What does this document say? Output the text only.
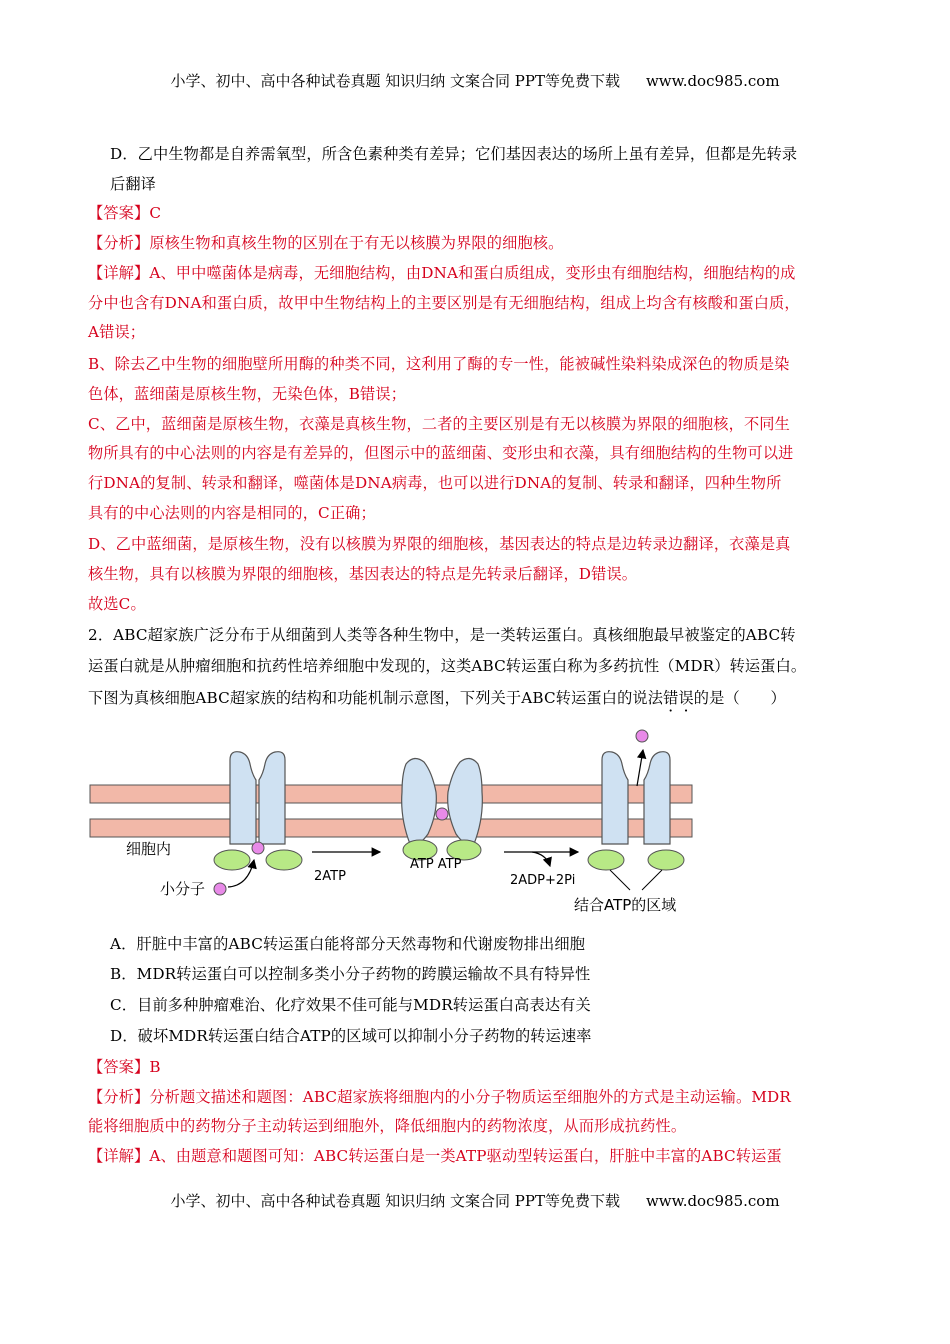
小学、初中、高中各种试卷真题 知识归纳 文案合同 PPT等免费下载 www.doc985.com
D．乙中生物都是自养需氧型，所含色素种类有差异；它们基因表达的场所上虽有差异，但都是先转录
后翻译
【答案】C
【分析】原核生物和真核生物的区别在于有无以核膜为界限的细胞核。
【详解】A、甲中噬菌体是病毒，无细胞结构，由DNA和蛋白质组成，变形虫有细胞结构，细胞结构的成
分中也含有DNA和蛋白质，故甲中生物结构上的主要区别是有无细胞结构，组成上均含有核酸和蛋白质，
A错误；
B、除去乙中生物的细胞壁所用酶的种类不同，这利用了酶的专一性，能被碱性染料染成深色的物质是染
色体，蓝细菌是原核生物，无染色体，B错误；
C、乙中，蓝细菌是原核生物，衣藻是真核生物，二者的主要区别是有无以核膜为界限的细胞核，不同生
物所具有的中心法则的内容是有差异的，但图示中的蓝细菌、变形虫和衣藻，具有细胞结构的生物可以进
行DNA的复制、转录和翻译，噬菌体是DNA病毒，也可以进行DNA的复制、转录和翻译，四种生物所
具有的中心法则的内容是相同的，C正确；
D、乙中蓝细菌，是原核生物，没有以核膜为界限的细胞核，基因表达的特点是边转录边翻译，衣藻是真
核生物，具有以核膜为界限的细胞核，基因表达的特点是先转录后翻译，D错误。
故选C。
2．ABC超家族广泛分布于从细菌到人类等各种生物中，是一类转运蛋白。真核细胞最早被鉴定的ABC转
运蛋白就是从肿瘤细胞和抗药性培养细胞中发现的，这类ABC转运蛋白称为多药抗性（MDR）转运蛋白。
下图为真核细胞ABC超家族的结构和功能机制示意图，下列关于ABC转运蛋白的说法错误的是（　　）
细胞内
小分子
2ATP
ATP ATP
2ADP+2Pi
结合ATP的区域
A．肝脏中丰富的ABC转运蛋白能将部分天然毒物和代谢废物排出细胞
B．MDR转运蛋白可以控制多类小分子药物的跨膜运输故不具有特异性
C．目前多种肿瘤难治、化疗效果不佳可能与MDR转运蛋白高表达有关
D．破坏MDR转运蛋白结合ATP的区域可以抑制小分子药物的转运速率
【答案】B
【分析】分析题文描述和题图：ABC超家族将细胞内的小分子物质运至细胞外的方式是主动运输。MDR
能将细胞质中的药物分子主动转运到细胞外，降低细胞内的药物浓度，从而形成抗药性。
【详解】A、由题意和题图可知：ABC转运蛋白是一类ATP驱动型转运蛋白，肝脏中丰富的ABC转运蛋
小学、初中、高中各种试卷真题 知识归纳 文案合同 PPT等免费下载 www.doc985.com
